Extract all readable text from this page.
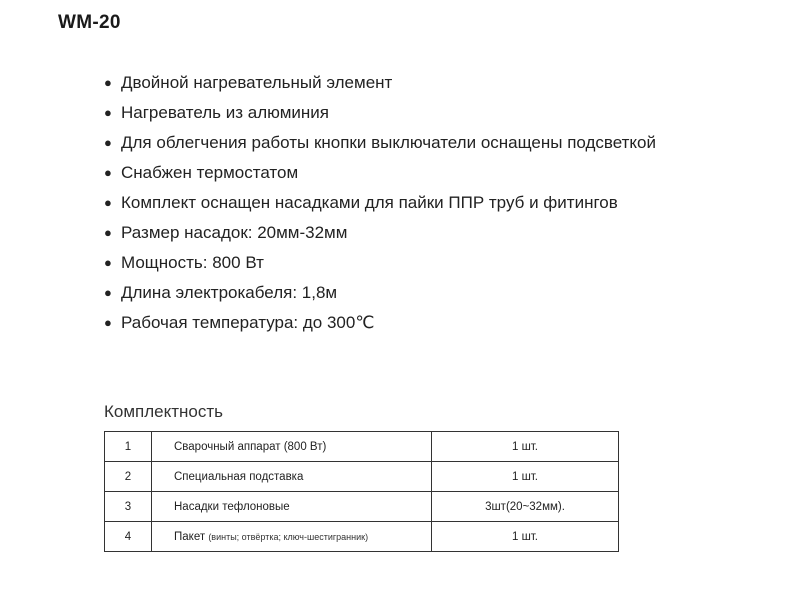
WM-20
● Двойной нагревательный элемент
● Нагреватель из алюминия
● Для облегчения работы кнопки выключатели оснащены подсветкой
● Снабжен термостатом
● Комплект оснащен насадками для пайки ППР труб и фитингов
● Размер насадок: 20мм-32мм
● Мощность: 800 Вт
● Длина электрокабеля: 1,8м
● Рабочая температура: до 300℃
Комплектность
1	Сварочный аппарат (800 Вт)	1 шт.
2	Специальная подставка	1 шт.
3	Насадки тефлоновые	3шт(20~32мм).
4	Пакет (винты; отвёртка; ключ-шестигранник)	1 шт.
